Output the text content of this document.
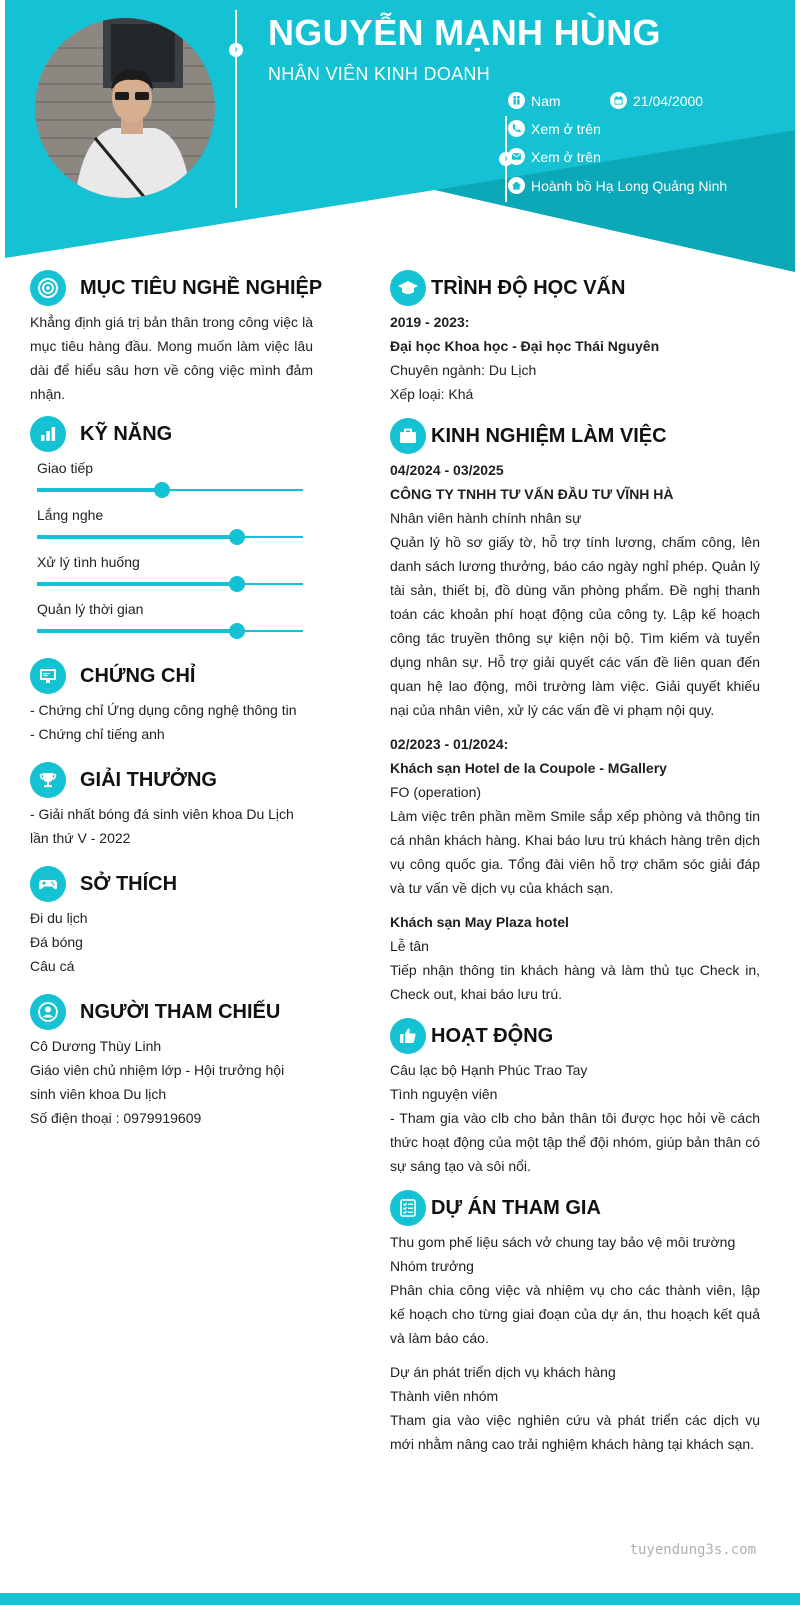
› NGUYỄN MẠNH HÙNG
NHÂN VIÊN KINH DOANH
›
Nam	21/04/2000
Xem ở trên
Xem ở trên
Hoành bồ Hạ Long Quảng Ninh
MỤC TIÊU NGHỀ NGHIỆP

Khẳng định giá trị bản thân trong công việc là mục tiêu hàng đầu. Mong muốn làm việc lâu dài để hiểu sâu hơn về công việc mình đảm nhận.

KỸ NĂNG
Giao tiếp
Lắng nghe
Xử lý tình huống
Quản lý thời gian
CHỨNG CHỈ

- Chứng chỉ Ứng dụng công nghệ thông tin

- Chứng chỉ tiếng anh

GIẢI THƯỞNG

- Giải nhất bóng đá sinh viên khoa Du Lịch lần thứ V - 2022

SỞ THÍCH

Đi du lịch

Đá bóng

Câu cá

NGƯỜI THAM CHIẾU

Cô Dương Thùy Linh

Giáo viên chủ nhiệm lớp - Hội trưởng hội sinh viên khoa Du lịch

Số điện thoại : 0979919609

TRÌNH ĐỘ HỌC VẤN

2019 - 2023:

Đại học Khoa học - Đại học Thái Nguyên

Chuyên ngành: Du Lịch

Xếp loại: Khá

KINH NGHIỆM LÀM VIỆC

04/2024 - 03/2025

CÔNG TY TNHH TƯ VẤN ĐẦU TƯ VĨNH HÀ

Nhân viên hành chính nhân sự

Quản lý hồ sơ giấy tờ, hỗ trợ tính lương, chấm công, lên danh sách lương thưởng, báo cáo ngày nghỉ phép. Quản lý tài sản, thiết bị, đồ dùng văn phòng phẩm. Đề nghị thanh toán các khoản phí hoạt động của công ty. Lập kế hoạch công tác truyền thông sự kiện nội bộ. Tìm kiếm và tuyển dụng nhân sự. Hỗ trợ giải quyết các vấn đề liên quan đến quan hệ lao động, môi trường làm việc. Giải quyết khiếu nại của nhân viên, xử lý các vấn đề vi phạm nội quy.

02/2023 - 01/2024:

Khách sạn Hotel de la Coupole - MGallery

FO (operation)

Làm việc trên phần mềm Smile sắp xếp phòng và thông tin cá nhân khách hàng. Khai báo lưu trú khách hàng trên dịch vụ công quốc gia. Tổng đài viên hỗ trợ chăm sóc giải đáp và tư vấn về dịch vụ của khách sạn.

Khách sạn May Plaza hotel

Lễ tân

Tiếp nhận thông tin khách hàng và làm thủ tục Check in, Check out, khai báo lưu trú.

HOẠT ĐỘNG

Câu lạc bộ Hạnh Phúc Trao Tay

Tình nguyện viên

- Tham gia vào clb cho bản thân tôi được học hỏi về cách thức hoạt động của một tập thể đội nhóm, giúp bản thân có sự sáng tạo và sôi nổi.

DỰ ÁN THAM GIA

Thu gom phế liệu sách vở chung tay bảo vệ môi trường

Nhóm trưởng

Phân chia công việc và nhiệm vụ cho các thành viên, lập kế hoạch cho từng giai đoạn của dự án, thu hoạch kết quả và làm báo cáo.

Dự án phát triển dịch vụ khách hàng

Thành viên nhóm

Tham gia vào việc nghiên cứu và phát triển các dịch vụ mới nhằm nâng cao trải nghiệm khách hàng tại khách sạn.

tuyendung3s.com
